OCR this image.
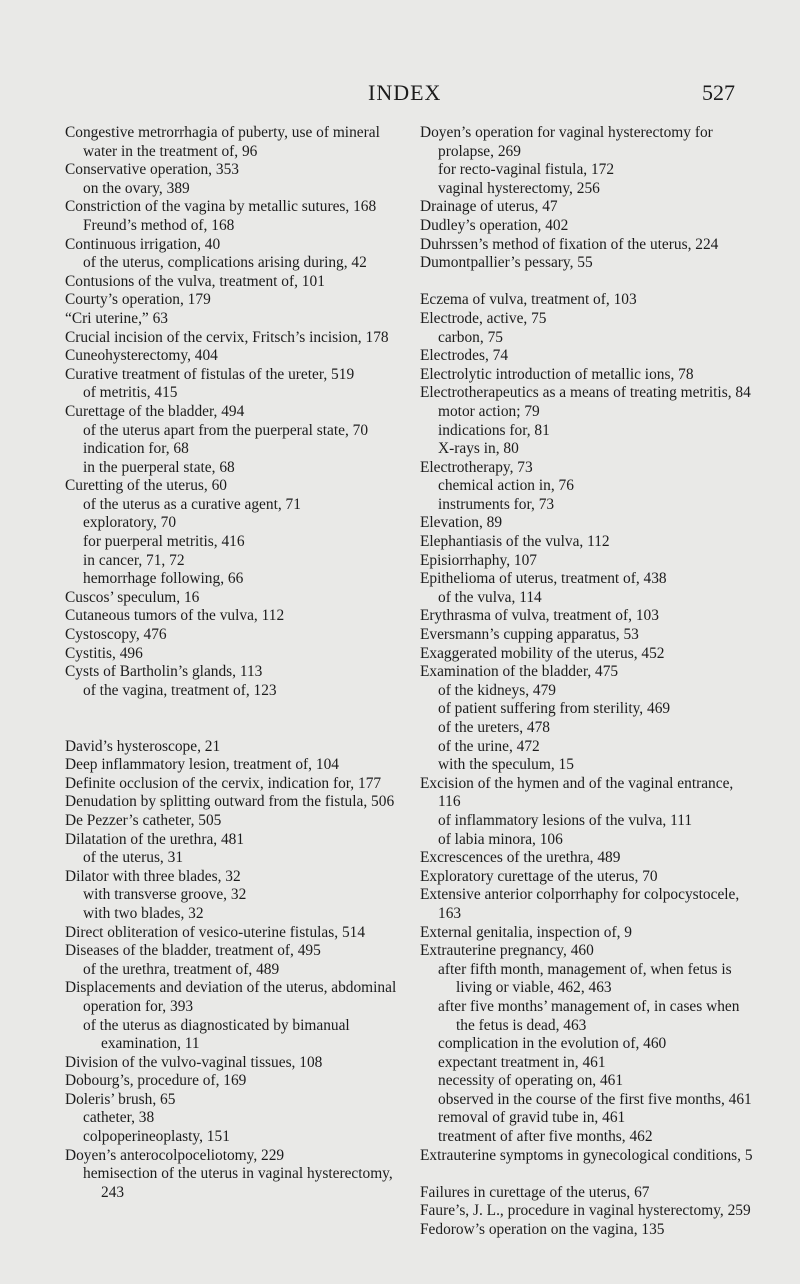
INDEX	527
Congestive metrorrhagia of puberty, use of mineral water in the treatment of, 96
Conservative operation, 353
on the ovary, 389
Constriction of the vagina by metallic sutures, 168
Freund’s method of, 168
Continuous irrigation, 40
of the uterus, complications arising during, 42
Contusions of the vulva, treatment of, 101
Courty’s operation, 179
“Cri uterine,” 63
Crucial incision of the cervix, Fritsch’s incision, 178
Cuneohysterectomy, 404
Curative treatment of fistulas of the ureter, 519
of metritis, 415
Curettage of the bladder, 494
of the uterus apart from the puerperal state, 70
indication for, 68
in the puerperal state, 68
Curetting of the uterus, 60
of the uterus as a curative agent, 71
exploratory, 70
for puerperal metritis, 416
in cancer, 71, 72
hemorrhage following, 66
Cuscos’ speculum, 16
Cutaneous tumors of the vulva, 112
Cystoscopy, 476
Cystitis, 496
Cysts of Bartholin’s glands, 113
of the vagina, treatment of, 123
David’s hysteroscope, 21
Deep inflammatory lesion, treatment of, 104
Definite occlusion of the cervix, indication for, 177
Denudation by splitting outward from the fistula, 506
De Pezzer’s catheter, 505
Dilatation of the urethra, 481
of the uterus, 31
Dilator with three blades, 32
with transverse groove, 32
with two blades, 32
Direct obliteration of vesico-uterine fistulas, 514
Diseases of the bladder, treatment of, 495
of the urethra, treatment of, 489
Displacements and deviation of the uterus, abdominal operation for, 393
of the uterus as diagnosticated by bimanual examination, 11
Division of the vulvo-vaginal tissues, 108
Dobourg’s, procedure of, 169
Doleris’ brush, 65
catheter, 38
colpoperineoplasty, 151
Doyen’s anterocolpoceliotomy, 229
hemisection of the uterus in vaginal hysterectomy, 243
Doyen’s operation for vaginal hysterectomy for prolapse, 269
for recto-vaginal fistula, 172
vaginal hysterectomy, 256
Drainage of uterus, 47
Dudley’s operation, 402
Duhrssen’s method of fixation of the uterus, 224
Dumontpallier’s pessary, 55
Eczema of vulva, treatment of, 103
Electrode, active, 75
carbon, 75
Electrodes, 74
Electrolytic introduction of metallic ions, 78
Electrotherapeutics as a means of treating metritis, 84
motor action; 79
indications for, 81
X-rays in, 80
Electrotherapy, 73
chemical action in, 76
instruments for, 73
Elevation, 89
Elephantiasis of the vulva, 112
Episiorrhaphy, 107
Epithelioma of uterus, treatment of, 438
of the vulva, 114
Erythrasma of vulva, treatment of, 103
Eversmann’s cupping apparatus, 53
Exaggerated mobility of the uterus, 452
Examination of the bladder, 475
of the kidneys, 479
of patient suffering from sterility, 469
of the ureters, 478
of the urine, 472
with the speculum, 15
Excision of the hymen and of the vaginal entrance, 116
of inflammatory lesions of the vulva, 111
of labia minora, 106
Excrescences of the urethra, 489
Exploratory curettage of the uterus, 70
Extensive anterior colporrhaphy for colpocystocele, 163
External genitalia, inspection of, 9
Extrauterine pregnancy, 460
after fifth month, management of, when fetus is living or viable, 462, 463
after five months’ management of, in cases when the fetus is dead, 463
complication in the evolution of, 460
expectant treatment in, 461
necessity of operating on, 461
observed in the course of the first five months, 461
removal of gravid tube in, 461
treatment of after five months, 462
Extrauterine symptoms in gynecological conditions, 5
Failures in curettage of the uterus, 67
Faure’s, J. L., procedure in vaginal hysterectomy, 259
Fedorow’s operation on the vagina, 135
